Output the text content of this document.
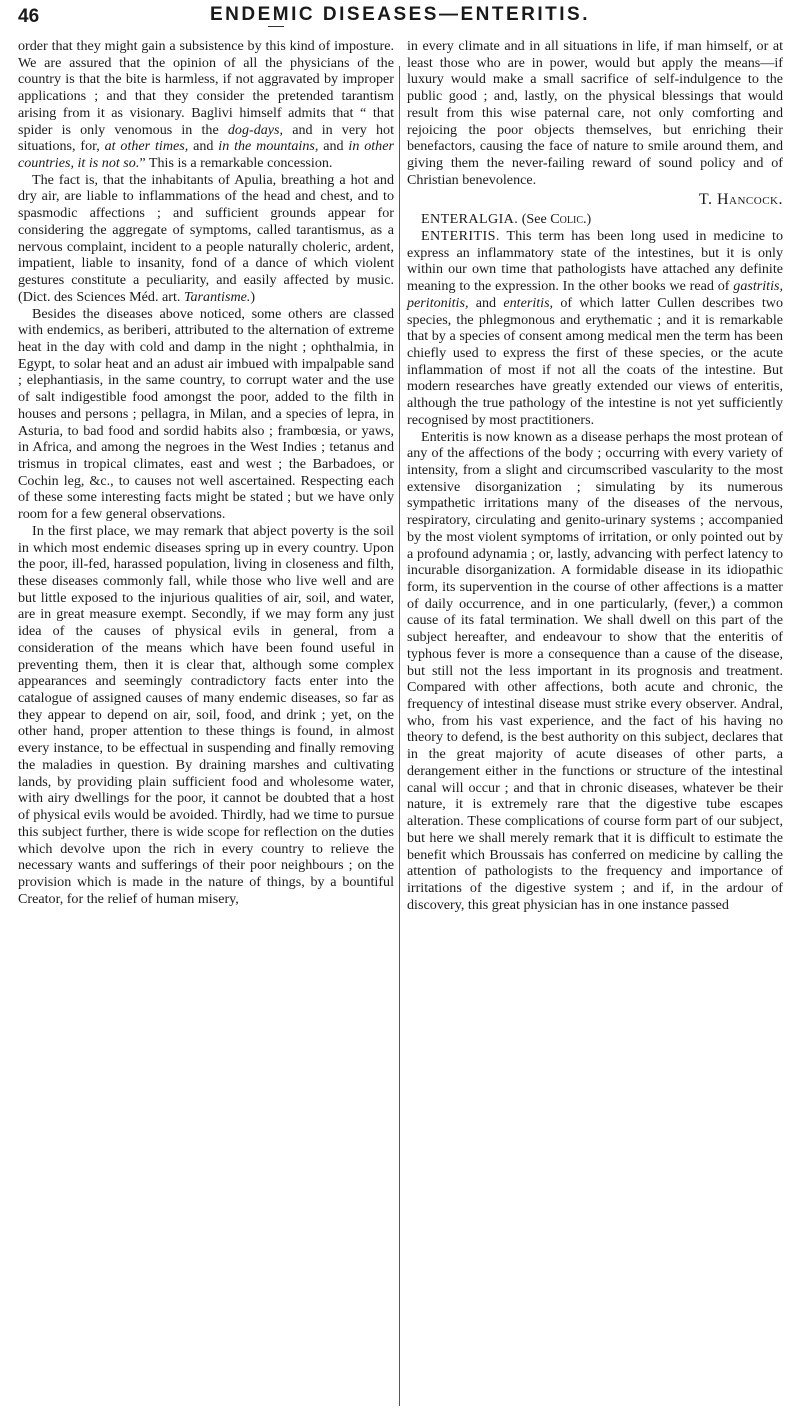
46	ENDEMIC DISEASES—ENTERITIS.

order that they might gain a subsistence by this kind of imposture. We are assured that the opinion of all the physicians of the country is that the bite is harmless, if not aggravated by improper applications ; and that they consider the pretended tarantism arising from it as visionary. Baglivi himself admits that “ that spider is only venomous in the dog-days, and in very hot situations, for, at other times, and in the mountains, and in other countries, it is not so.” This is a remarkable concession.

The fact is, that the inhabitants of Apulia, breathing a hot and dry air, are liable to inflammations of the head and chest, and to spasmodic affections ; and sufficient grounds appear for considering the aggregate of symptoms, called tarantismus, as a nervous complaint, incident to a people naturally choleric, ardent, impatient, liable to insanity, fond of a dance of which violent gestures constitute a peculiarity, and easily affected by music. (Dict. des Sciences Méd. art. Tarantisme.)

Besides the diseases above noticed, some others are classed with endemics, as beriberi, attributed to the alternation of extreme heat in the day with cold and damp in the night ; ophthalmia, in Egypt, to solar heat and an adust air imbued with impalpable sand ; elephantiasis, in the same country, to corrupt water and the use of salt indigestible food amongst the poor, added to the filth in houses and persons ; pellagra, in Milan, and a species of lepra, in Asturia, to bad food and sordid habits also ; frambœsia, or yaws, in Africa, and among the negroes in the West Indies ; tetanus and trismus in tropical climates, east and west ; the Barbadoes, or Cochin leg, &c., to causes not well ascertained. Respecting each of these some interesting facts might be stated ; but we have only room for a few general observations.

In the first place, we may remark that abject poverty is the soil in which most endemic diseases spring up in every country. Upon the poor, ill-fed, harassed population, living in closeness and filth, these diseases commonly fall, while those who live well and are but little exposed to the injurious qualities of air, soil, and water, are in great measure exempt. Secondly, if we may form any just idea of the causes of physical evils in general, from a consideration of the means which have been found useful in preventing them, then it is clear that, although some complex appearances and seemingly contradictory facts enter into the catalogue of assigned causes of many endemic diseases, so far as they appear to depend on air, soil, food, and drink ; yet, on the other hand, proper attention to these things is found, in almost every instance, to be effectual in suspending and finally removing the maladies in question. By draining marshes and cultivating lands, by providing plain sufficient food and wholesome water, with airy dwellings for the poor, it cannot be doubted that a host of physical evils would be avoided. Thirdly, had we time to pursue this subject further, there is wide scope for reflection on the duties which devolve upon the rich in every country to relieve the necessary wants and sufferings of their poor neighbours ; on the provision which is made in the nature of things, by a bountiful Creator, for the relief of human misery,

in every climate and in all situations in life, if man himself, or at least those who are in power, would but apply the means—if luxury would make a small sacrifice of self-indulgence to the public good ; and, lastly, on the physical blessings that would result from this wise paternal care, not only comforting and rejoicing the poor objects themselves, but enriching their benefactors, causing the face of nature to smile around them, and giving them the never-failing reward of sound policy and of Christian benevolence.

T. Hancock.

ENTERALGIA. (See Colic.)

ENTERITIS. This term has been long used in medicine to express an inflammatory state of the intestines, but it is only within our own time that pathologists have attached any definite meaning to the expression. In the other books we read of gastritis, peritonitis, and enteritis, of which latter Cullen describes two species, the phlegmonous and erythematic ; and it is remarkable that by a species of consent among medical men the term has been chiefly used to express the first of these species, or the acute inflammation of most if not all the coats of the intestine. But modern researches have greatly extended our views of enteritis, although the true pathology of the intestine is not yet sufficiently recognised by most practitioners.

Enteritis is now known as a disease perhaps the most protean of any of the affections of the body ; occurring with every variety of intensity, from a slight and circumscribed vascularity to the most extensive disorganization ; simulating by its numerous sympathetic irritations many of the diseases of the nervous, respiratory, circulating and genito-urinary systems ; accompanied by the most violent symptoms of irritation, or only pointed out by a profound adynamia ; or, lastly, advancing with perfect latency to incurable disorganization. A formidable disease in its idiopathic form, its supervention in the course of other affections is a matter of daily occurrence, and in one particularly, (fever,) a common cause of its fatal termination. We shall dwell on this part of the subject hereafter, and endeavour to show that the enteritis of typhous fever is more a consequence than a cause of the disease, but still not the less important in its prognosis and treatment. Compared with other affections, both acute and chronic, the frequency of intestinal disease must strike every observer. Andral, who, from his vast experience, and the fact of his having no theory to defend, is the best authority on this subject, declares that in the great majority of acute diseases of other parts, a derangement either in the functions or structure of the intestinal canal will occur ; and that in chronic diseases, whatever be their nature, it is extremely rare that the digestive tube escapes alteration. These complications of course form part of our subject, but here we shall merely remark that it is difficult to estimate the benefit which Broussais has conferred on medicine by calling the attention of pathologists to the frequency and importance of irritations of the digestive system ; and if, in the ardour of discovery, this great physician has in one instance passed
